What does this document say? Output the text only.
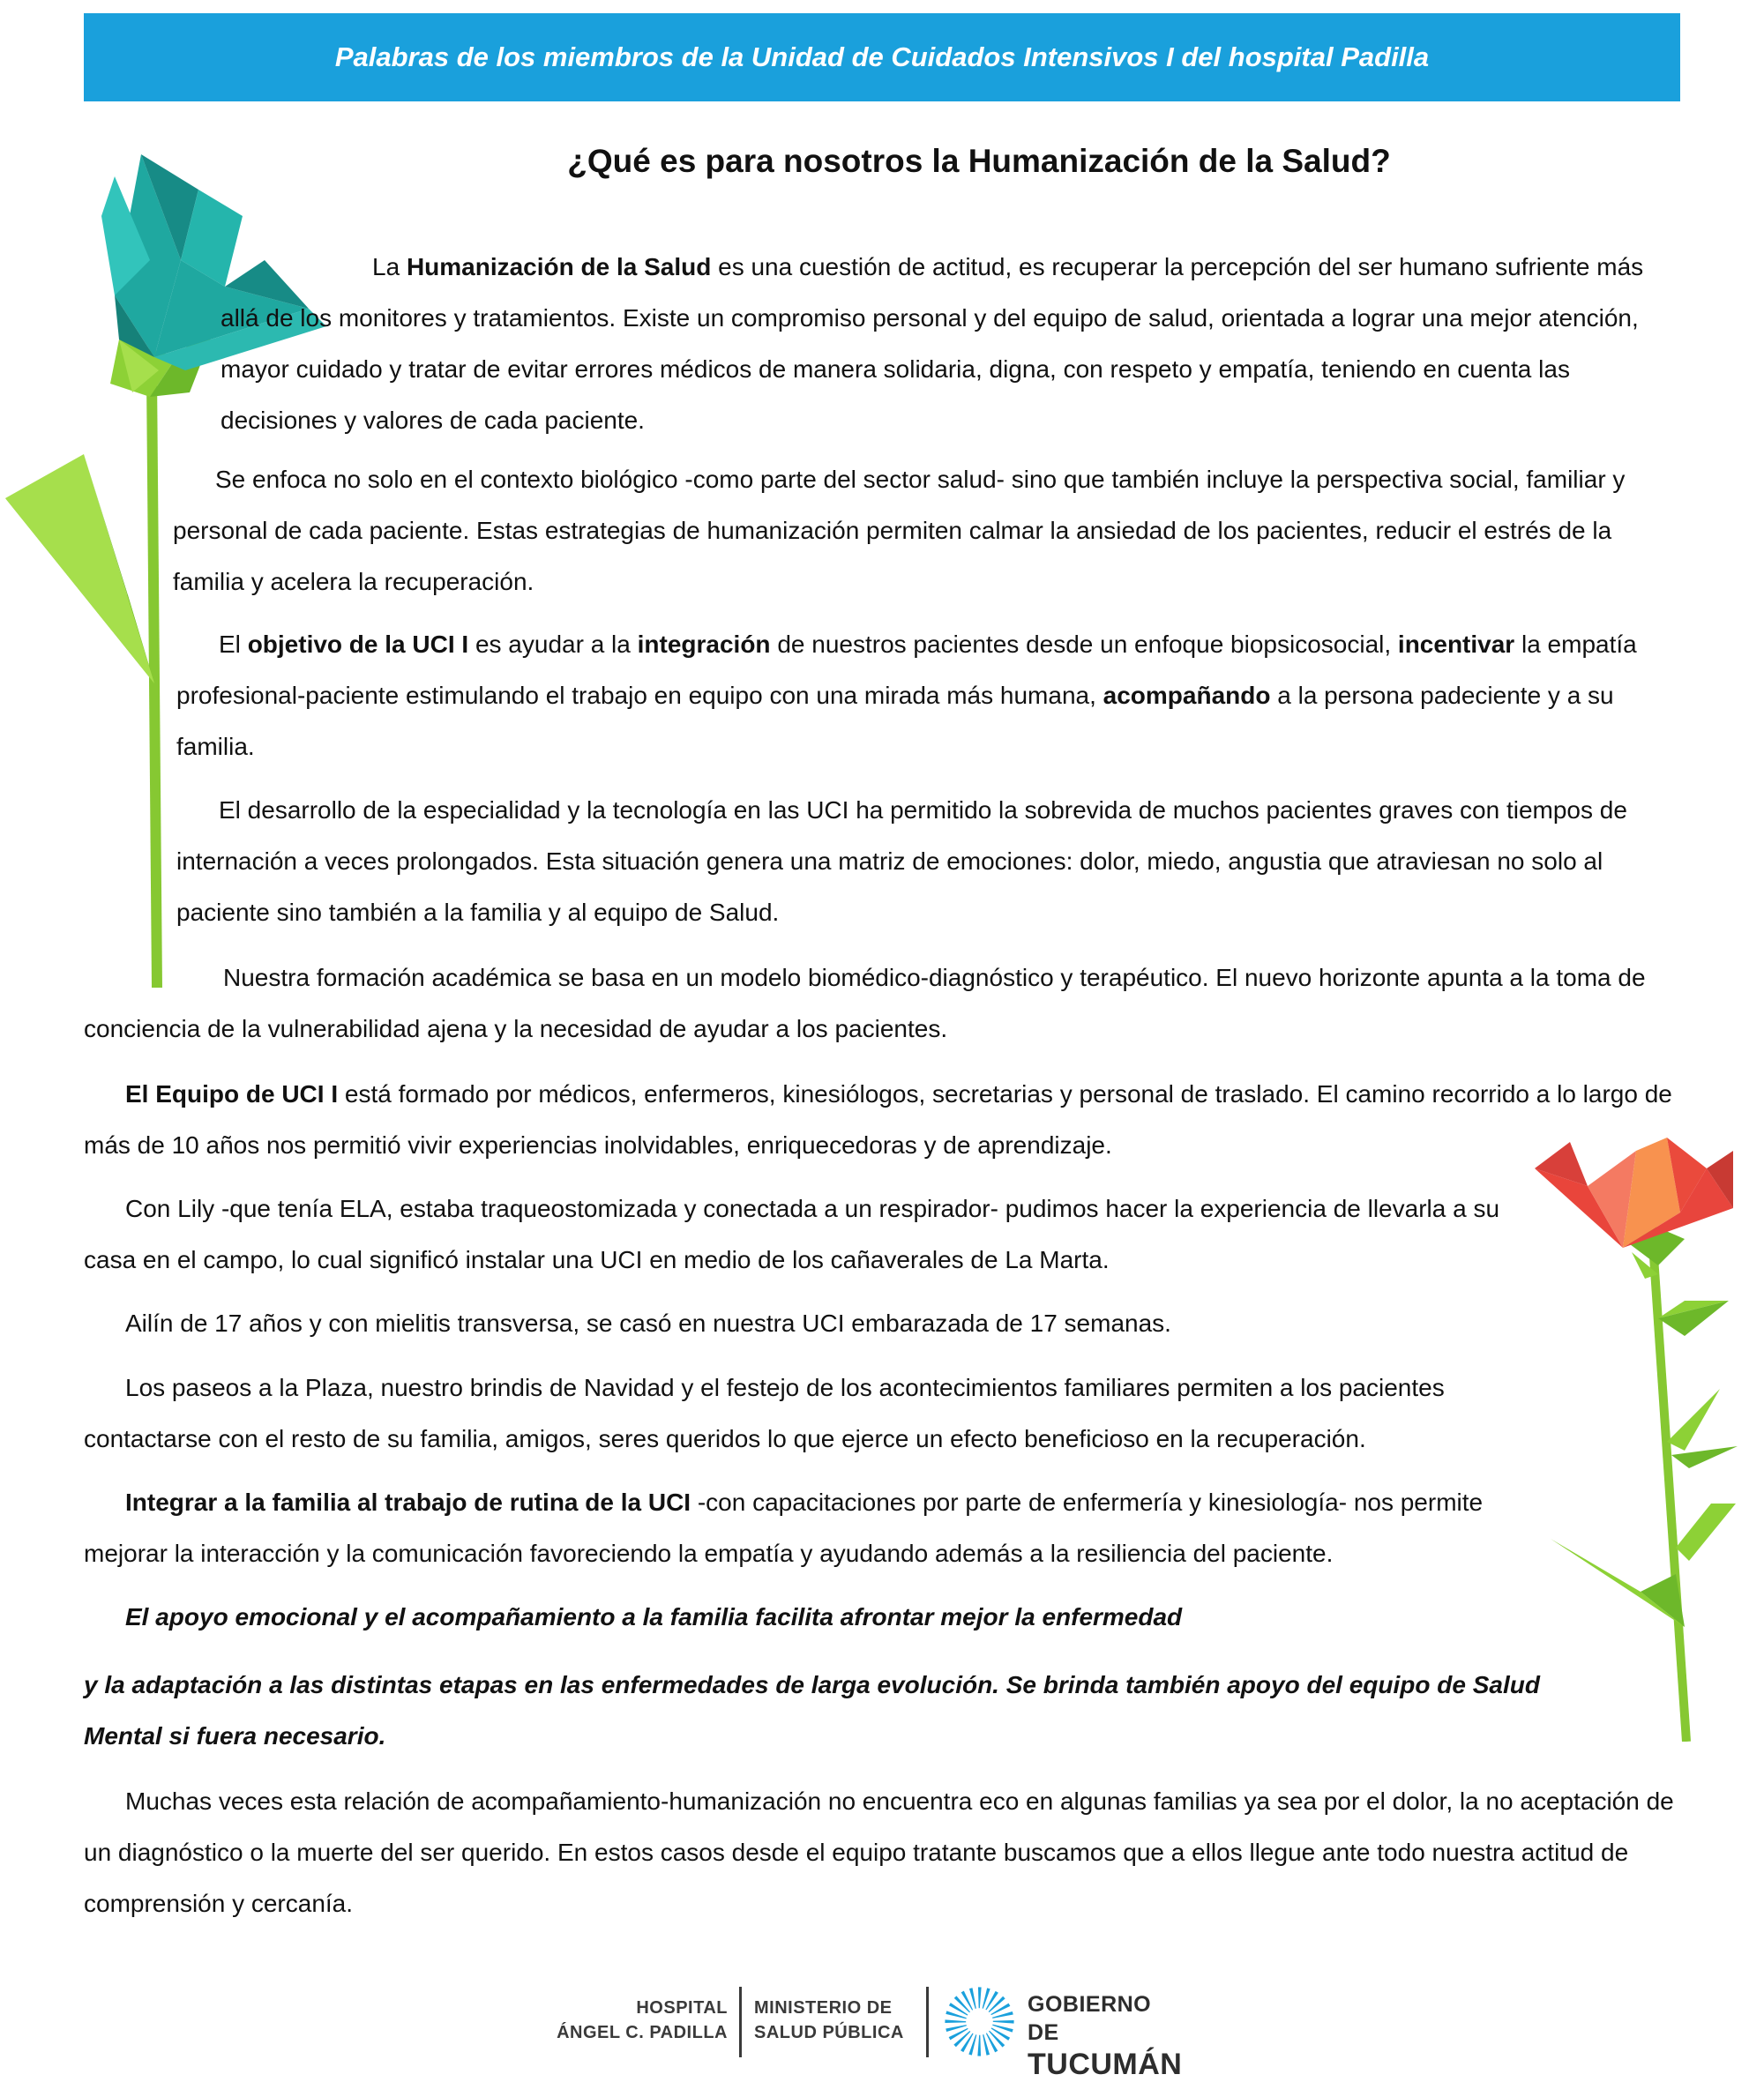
Palabras de los miembros de la Unidad de Cuidados Intensivos I del hospital Padilla
¿Qué es para nosotros la Humanización de la Salud?

La Humanización de la Salud es una cuestión de actitud, es recuperar la percepción del ser humano sufriente más allá de los monitores y tratamientos. Existe un compromiso personal y del equipo de salud, orientada a lograr una mejor atención, mayor cuidado y tratar de evitar errores médicos de manera solidaria, digna, con respeto y empatía, teniendo en cuenta las decisiones y valores de cada paciente.

Se enfoca no solo en el contexto biológico -como parte del sector salud- sino que también incluye la perspectiva social, familiar y personal de cada paciente. Estas estrategias de humanización permiten calmar la ansiedad de los pacientes, reducir el estrés de la familia y acelera la recuperación.

El objetivo de la UCI I es ayudar a la integración de nuestros pacientes desde un enfoque biopsicosocial, incentivar la empatía profesional-paciente estimulando el trabajo en equipo con una mirada más humana, acompañando a la persona padeciente y a su familia.

El desarrollo de la especialidad y la tecnología en las UCI ha permitido la sobrevida de muchos pacientes graves con tiempos de internación a veces prolongados. Esta situación genera una matriz de emociones: dolor, miedo, angustia que atraviesan no solo al paciente sino también a la familia y al equipo de Salud.

Nuestra formación académica se basa en un modelo biomédico-diagnóstico y terapéutico. El nuevo horizonte apunta a la toma de conciencia de la vulnerabilidad ajena y la necesidad de ayudar a los pacientes.

El Equipo de UCI I está formado por médicos, enfermeros, kinesiólogos, secretarias y personal de traslado. El camino recorrido a lo largo de más de 10 años nos permitió vivir experiencias inolvidables, enriquecedoras y de aprendizaje.

Con Lily -que tenía ELA, estaba traqueostomizada y conectada a un respirador- pudimos hacer la experiencia de llevarla a su casa en el campo, lo cual significó instalar una UCI en medio de los cañaverales de La Marta.

Ailín de 17 años y con mielitis transversa, se casó en nuestra UCI embarazada de 17 semanas.

Los paseos a la Plaza, nuestro brindis de Navidad y el festejo de los acontecimientos familiares permiten a los pacientes contactarse con el resto de su familia, amigos, seres queridos lo que ejerce un efecto beneficioso en la recuperación.

Integrar a la familia al trabajo de rutina de la UCI -con capacitaciones por parte de enfermería y kinesiología- nos permite mejorar la interacción y la comunicación favoreciendo la empatía y ayudando además a la resiliencia del paciente.

El apoyo emocional y el acompañamiento a la familia facilita afrontar mejor la enfermedad

y la adaptación a las distintas etapas en las enfermedades de larga evolución. Se brinda también apoyo del equipo de Salud Mental si fuera necesario.

Muchas veces esta relación de acompañamiento-humanización no encuentra eco en algunas familias ya sea por el dolor, la no aceptación de un diagnóstico o la muerte del ser querido. En estos casos desde el equipo tratante buscamos que a ellos llegue ante todo nuestra actitud de comprensión y cercanía.

HOSPITAL
ÁNGEL C. PADILLA
MINISTERIO DE
SALUD PÚBLICA
GOBIERNO DE
TUCUMÁN
